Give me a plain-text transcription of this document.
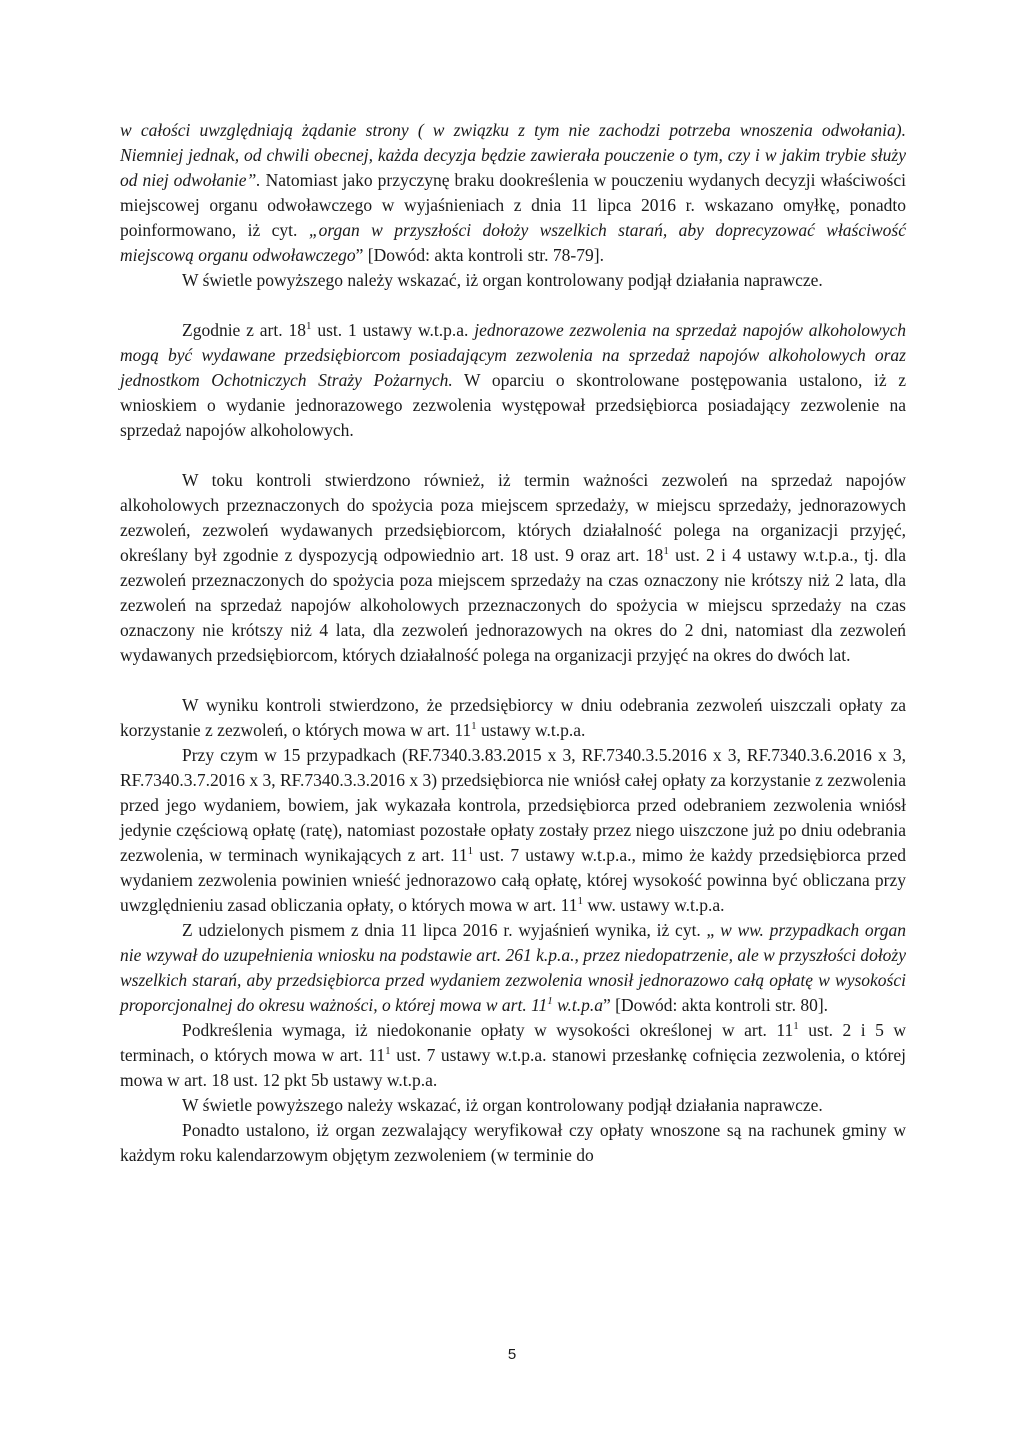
w całości uwzględniają żądanie strony ( w związku z tym nie zachodzi potrzeba wnoszenia odwołania). Niemniej jednak, od chwili obecnej, każda decyzja będzie zawierała pouczenie o tym, czy i w jakim trybie służy od niej odwołanie”. Natomiast jako przyczynę braku dookreślenia w pouczeniu wydanych decyzji właściwości miejscowej organu odwoławczego w wyjaśnieniach z dnia 11 lipca 2016 r. wskazano omyłkę, ponadto poinformowano, iż cyt. „organ w przyszłości dołoży wszelkich starań, aby doprecyzować właściwość miejscową organu odwoławczego” [Dowód: akta kontroli str. 78-79].

W świetle powyższego należy wskazać, iż organ kontrolowany podjął działania naprawcze.

Zgodnie z art. $18^1$ ust. 1 ustawy w.t.p.a. jednorazowe zezwolenia na sprzedaż napojów alkoholowych mogą być wydawane przedsiębiorcom posiadającym zezwolenia na sprzedaż napojów alkoholowych oraz jednostkom Ochotniczych Straży Pożarnych. W oparciu o skontrolowane postępowania ustalono, iż z wnioskiem o wydanie jednorazowego zezwolenia występował przedsiębiorca posiadający zezwolenie na sprzedaż napojów alkoholowych.

W toku kontroli stwierdzono również, iż termin ważności zezwoleń na sprzedaż napojów alkoholowych przeznaczonych do spożycia poza miejscem sprzedaży, w miejscu sprzedaży, jednorazowych zezwoleń, zezwoleń wydawanych przedsiębiorcom, których działalność polega na organizacji przyjęć, określany był zgodnie z dyspozycją odpowiednio art. 18 ust. 9 oraz art. $18^1$ ust. 2 i 4 ustawy w.t.p.a., tj. dla zezwoleń przeznaczonych do spożycia poza miejscem sprzedaży na czas oznaczony nie krótszy niż 2 lata, dla zezwoleń na sprzedaż napojów alkoholowych przeznaczonych do spożycia w miejscu sprzedaży na czas oznaczony nie krótszy niż 4 lata, dla zezwoleń jednorazowych na okres do 2 dni, natomiast dla zezwoleń wydawanych przedsiębiorcom, których działalność polega na organizacji przyjęć na okres do dwóch lat.

W wyniku kontroli stwierdzono, że przedsiębiorcy w dniu odebrania zezwoleń uiszczali opłaty za korzystanie z zezwoleń, o których mowa w art. $11^1$ ustawy w.t.p.a.

Przy czym w 15 przypadkach (RF.7340.3.83.2015 x 3, RF.7340.3.5.2016 x 3, RF.7340.3.6.2016 x 3, RF.7340.3.7.2016 x 3, RF.7340.3.3.2016 x 3) przedsiębiorca nie wniósł całej opłaty za korzystanie z zezwolenia przed jego wydaniem, bowiem, jak wykazała kontrola, przedsiębiorca przed odebraniem zezwolenia wniósł jedynie częściową opłatę (ratę), natomiast pozostałe opłaty zostały przez niego uiszczone już po dniu odebrania zezwolenia, w terminach wynikających z art. $11^1$ ust. 7 ustawy w.t.p.a., mimo że każdy przedsiębiorca przed wydaniem zezwolenia powinien wnieść jednorazowo całą opłatę, której wysokość powinna być obliczana przy uwzględnieniu zasad obliczania opłaty, o których mowa w art. $11^1$ ww. ustawy w.t.p.a.

Z udzielonych pismem z dnia 11 lipca 2016 r. wyjaśnień wynika, iż cyt. „ w ww. przypadkach organ nie wzywał do uzupełnienia wniosku na podstawie art. 261 k.p.a., przez niedopatrzenie, ale w przyszłości dołoży wszelkich starań, aby przedsiębiorca przed wydaniem zezwolenia wnosił jednorazowo całą opłatę w wysokości proporcjonalnej do okresu ważności, o której mowa w art. $11^1$ w.t.p.a” [Dowód: akta kontroli str. 80].

Podkreślenia wymaga, iż niedokonanie opłaty w wysokości określonej w art. $11^1$ ust. 2 i 5 w terminach, o których mowa w art. $11^1$ ust. 7 ustawy w.t.p.a. stanowi przesłankę cofnięcia zezwolenia, o której mowa w art. 18 ust. 12 pkt 5b ustawy w.t.p.a.

W świetle powyższego należy wskazać, iż organ kontrolowany podjął działania naprawcze.

Ponadto ustalono, iż organ zezwalający weryfikował czy opłaty wnoszone są na rachunek gminy w każdym roku kalendarzowym objętym zezwoleniem (w terminie do

5
